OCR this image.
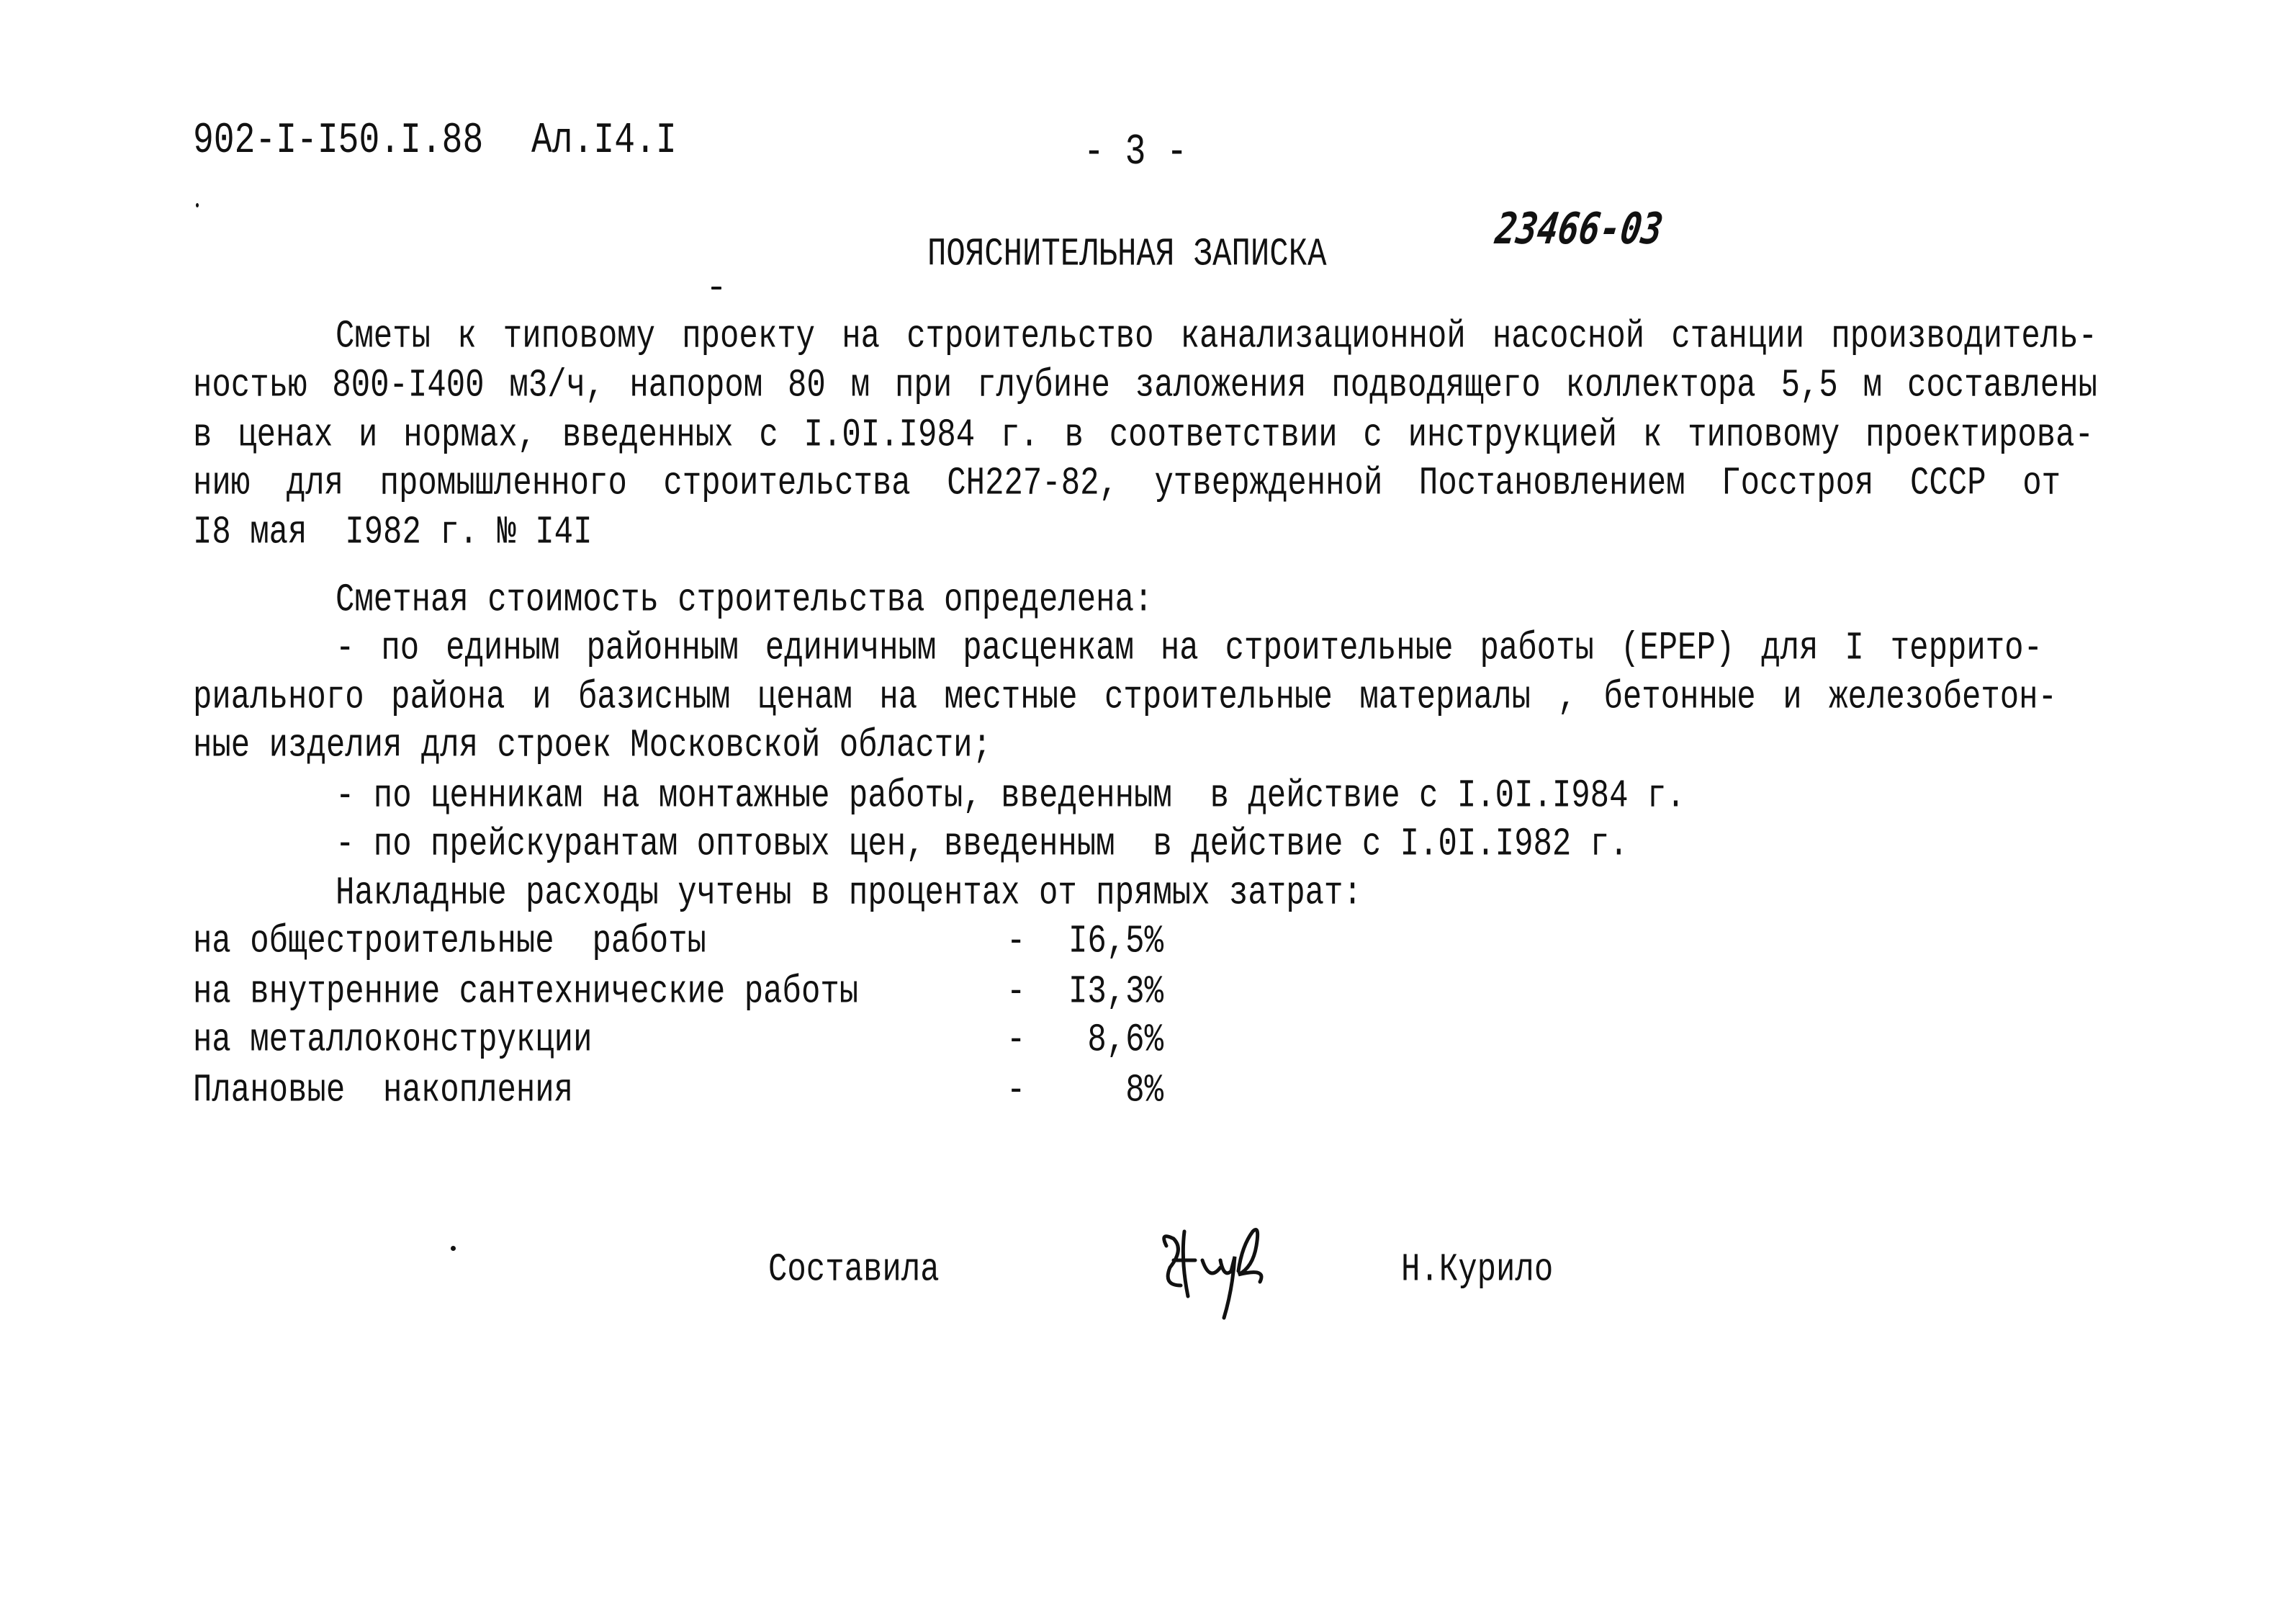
902-I-I50.I.88 Ал.I4.I	- 3 -
23466-03
ПОЯСНИТЕЛЬНАЯ ЗАПИСКА
Сметы к типовому проекту на строительство канализационной насосной станции производитель-
ностью 800-I400 м3/ч, напором 80 м при глубине заложения подводящего коллектора 5,5 м составлены
в ценах и нормах, введенных с I.0I.I984 г. в соответствии с инструкцией к типовому проектирова-
нию для промышленного строительства СН227-82, утвержденной Постановлением Госстроя СССР от
I8 мая  I982 г. № I4I
Сметная стоимость строительства определена:
- по единым районным единичным расценкам на строительные работы (ЕРЕР) для I террито-
риального района и базисным ценам на местные строительные материалы , бетонные и железобетон-
ные изделия для строек Московской области;
- по ценникам на монтажные работы, введенным  в действие с I.0I.I984 г.
- по прейскурантам оптовых цен, введенным  в действие с I.0I.I982 г.
Накладные расходы учтены в процентах от прямых затрат:
на общестроительные  работы	-	I6,5%
на внутренние сантехнические работы	-	I3,3%
на металлоконструкции	-	8,6%
Плановые  накопления	-	8%
Составила	Н.Курило
